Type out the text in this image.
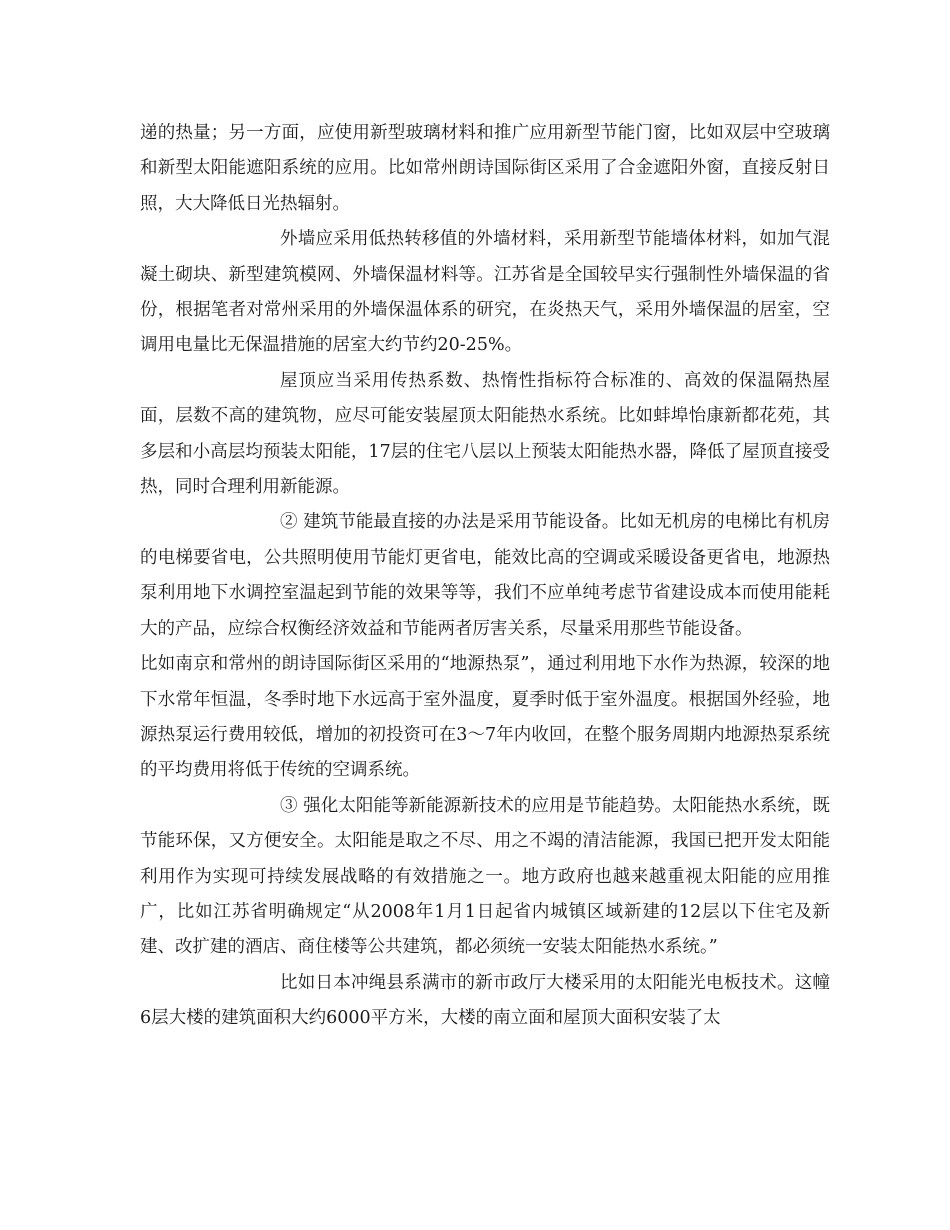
递的热量；另一方面，应使用新型玻璃材料和推广应用新型节能门窗，比如双层中空玻璃和新型太阳能遮阳系统的应用。比如常州朗诗国际街区采用了合金遮阳外窗，直接反射日照，大大降低日光热辐射。

外墙应采用低热转移值的外墙材料，采用新型节能墙体材料，如加气混凝土砌块、新型建筑模网、外墙保温材料等。江苏省是全国较早实行强制性外墙保温的省份，根据笔者对常州采用的外墙保温体系的研究，在炎热天气，采用外墙保温的居室，空调用电量比无保温措施的居室大约节约20-25%。

屋顶应当采用传热系数、热惰性指标符合标准的、高效的保温隔热屋面，层数不高的建筑物，应尽可能安装屋顶太阳能热水系统。比如蚌埠怡康新都花苑，其多层和小高层均预装太阳能，17层的住宅八层以上预装太阳能热水器，降低了屋顶直接受热，同时合理利用新能源。

② 建筑节能最直接的办法是采用节能设备。比如无机房的电梯比有机房的电梯要省电，公共照明使用节能灯更省电，能效比高的空调或采暖设备更省电，地源热泵利用地下水调控室温起到节能的效果等等，我们不应单纯考虑节省建设成本而使用能耗大的产品，应综合权衡经济效益和节能两者厉害关系，尽量采用那些节能设备。

比如南京和常州的朗诗国际街区采用的“地源热泵”，通过利用地下水作为热源，较深的地下水常年恒温，冬季时地下水远高于室外温度，夏季时低于室外温度。根据国外经验，地源热泵运行费用较低，增加的初投资可在3～7年内收回，在整个服务周期内地源热泵系统的平均费用将低于传统的空调系统。

③ 强化太阳能等新能源新技术的应用是节能趋势。太阳能热水系统，既节能环保，又方便安全。太阳能是取之不尽、用之不竭的清洁能源，我国已把开发太阳能利用作为实现可持续发展战略的有效措施之一。地方政府也越来越重视太阳能的应用推广，比如江苏省明确规定“从2008年1月1日起省内城镇区域新建的12层以下住宅及新建、改扩建的酒店、商住楼等公共建筑，都必须统一安装太阳能热水系统。”

比如日本冲绳县系满市的新市政厅大楼采用的太阳能光电板技术。这幢6层大楼的建筑面积大约6000平方米，大楼的南立面和屋顶大面积安装了太
